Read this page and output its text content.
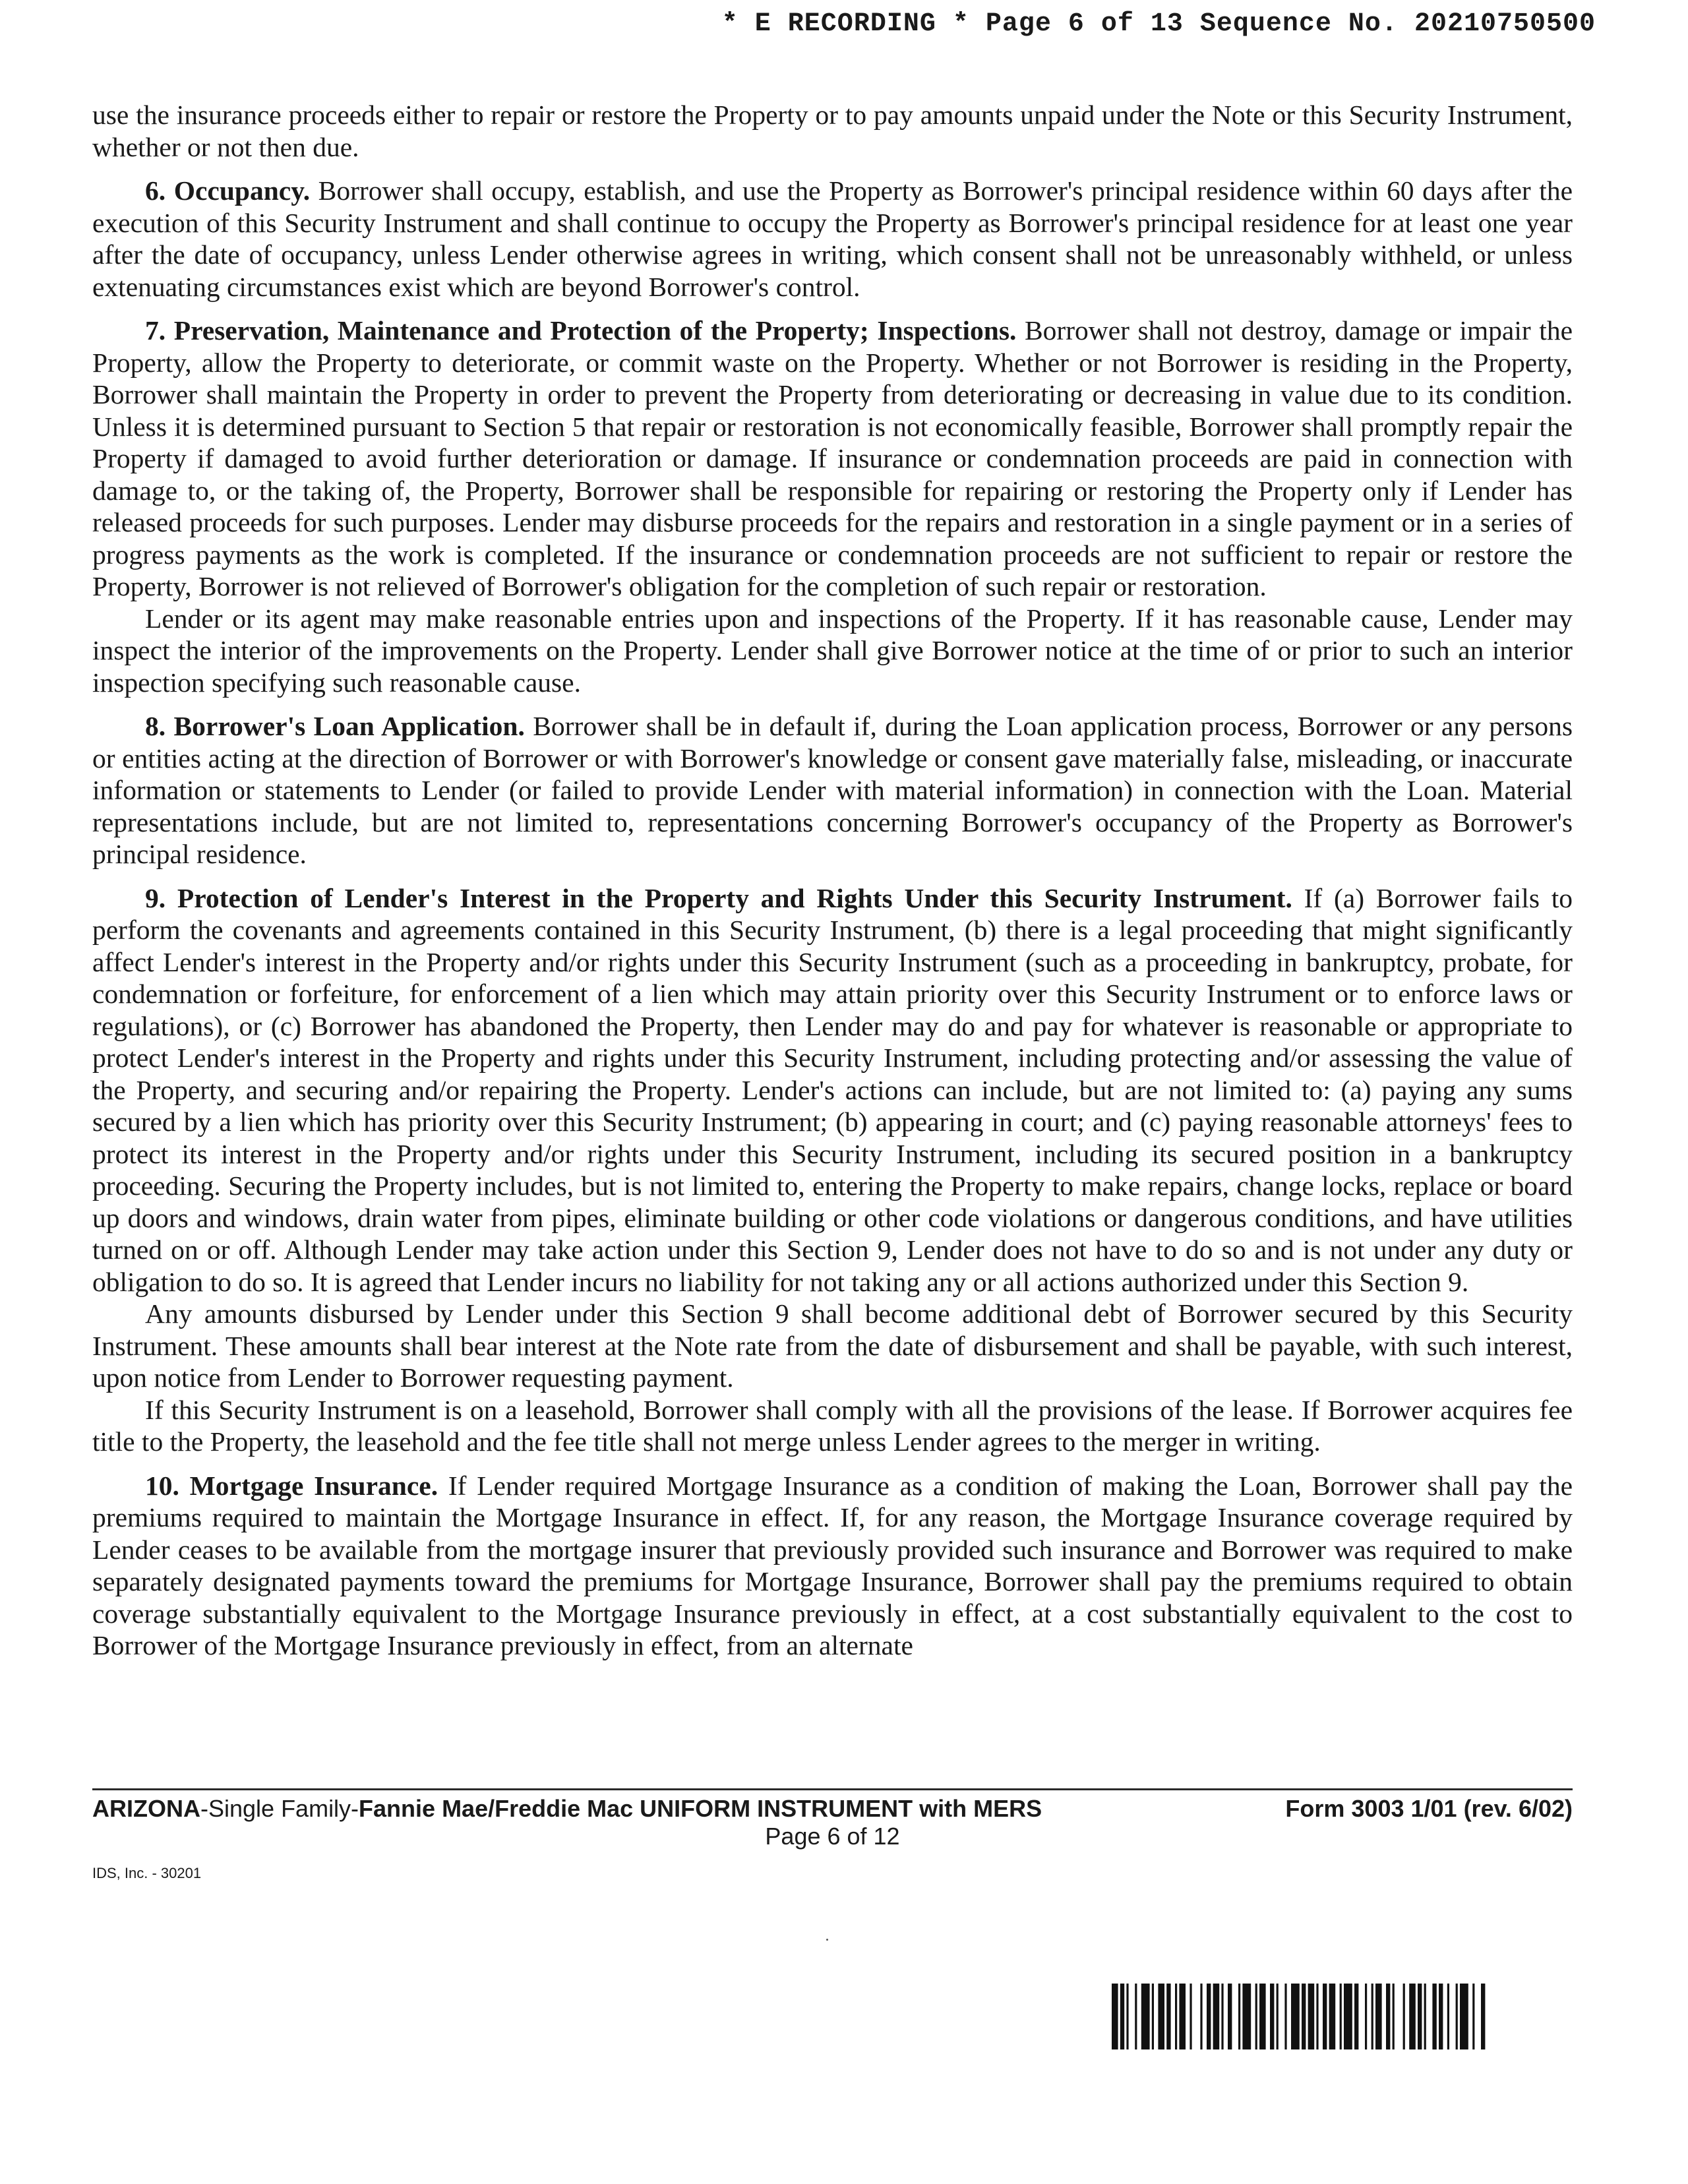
* E RECORDING * Page 6 of 13 Sequence No. 20210750500

use the insurance proceeds either to repair or restore the Property or to pay amounts unpaid under the Note or this Security Instrument, whether or not then due.

6. Occupancy. Borrower shall occupy, establish, and use the Property as Borrower's principal residence within 60 days after the execution of this Security Instrument and shall continue to occupy the Property as Borrower's principal residence for at least one year after the date of occupancy, unless Lender otherwise agrees in writing, which consent shall not be unreasonably withheld, or unless extenuating circumstances exist which are beyond Borrower's control.

7. Preservation, Maintenance and Protection of the Property; Inspections. Borrower shall not destroy, damage or impair the Property, allow the Property to deteriorate, or commit waste on the Property. Whether or not Borrower is residing in the Property, Borrower shall maintain the Property in order to prevent the Property from deteriorating or decreasing in value due to its condition. Unless it is determined pursuant to Section 5 that repair or restoration is not economically feasible, Borrower shall promptly repair the Property if damaged to avoid further deterioration or damage. If insurance or condemnation proceeds are paid in connection with damage to, or the taking of, the Property, Borrower shall be responsible for repairing or restoring the Property only if Lender has released proceeds for such purposes. Lender may disburse proceeds for the repairs and restoration in a single payment or in a series of progress payments as the work is completed. If the insurance or condemnation proceeds are not sufficient to repair or restore the Property, Borrower is not relieved of Borrower's obligation for the completion of such repair or restoration.

Lender or its agent may make reasonable entries upon and inspections of the Property. If it has reasonable cause, Lender may inspect the interior of the improvements on the Property. Lender shall give Borrower notice at the time of or prior to such an interior inspection specifying such reasonable cause.

8. Borrower's Loan Application. Borrower shall be in default if, during the Loan application process, Borrower or any persons or entities acting at the direction of Borrower or with Borrower's knowledge or consent gave materially false, misleading, or inaccurate information or statements to Lender (or failed to provide Lender with material information) in connection with the Loan. Material representations include, but are not limited to, representations concerning Borrower's occupancy of the Property as Borrower's principal residence.

9. Protection of Lender's Interest in the Property and Rights Under this Security Instrument. If (a) Borrower fails to perform the covenants and agreements contained in this Security Instrument, (b) there is a legal proceeding that might significantly affect Lender's interest in the Property and/or rights under this Security Instrument (such as a proceeding in bankruptcy, probate, for condemnation or forfeiture, for enforcement of a lien which may attain priority over this Security Instrument or to enforce laws or regulations), or (c) Borrower has abandoned the Property, then Lender may do and pay for whatever is reasonable or appropriate to protect Lender's interest in the Property and rights under this Security Instrument, including protecting and/or assessing the value of the Property, and securing and/or repairing the Property. Lender's actions can include, but are not limited to: (a) paying any sums secured by a lien which has priority over this Security Instrument; (b) appearing in court; and (c) paying reasonable attorneys' fees to protect its interest in the Property and/or rights under this Security Instrument, including its secured position in a bankruptcy proceeding. Securing the Property includes, but is not limited to, entering the Property to make repairs, change locks, replace or board up doors and windows, drain water from pipes, eliminate building or other code violations or dangerous conditions, and have utilities turned on or off. Although Lender may take action under this Section 9, Lender does not have to do so and is not under any duty or obligation to do so. It is agreed that Lender incurs no liability for not taking any or all actions authorized under this Section 9.

Any amounts disbursed by Lender under this Section 9 shall become additional debt of Borrower secured by this Security Instrument. These amounts shall bear interest at the Note rate from the date of disbursement and shall be payable, with such interest, upon notice from Lender to Borrower requesting payment.

If this Security Instrument is on a leasehold, Borrower shall comply with all the provisions of the lease. If Borrower acquires fee title to the Property, the leasehold and the fee title shall not merge unless Lender agrees to the merger in writing.

10. Mortgage Insurance. If Lender required Mortgage Insurance as a condition of making the Loan, Borrower shall pay the premiums required to maintain the Mortgage Insurance in effect. If, for any reason, the Mortgage Insurance coverage required by Lender ceases to be available from the mortgage insurer that previously provided such insurance and Borrower was required to make separately designated payments toward the premiums for Mortgage Insurance, Borrower shall pay the premiums required to obtain coverage substantially equivalent to the Mortgage Insurance previously in effect, at a cost substantially equivalent to the cost to Borrower of the Mortgage Insurance previously in effect, from an alternate

ARIZONA-Single Family-Fannie Mae/Freddie Mac UNIFORM INSTRUMENT with MERS	Form 3003 1/01 (rev. 6/02)
Page 6 of 12
IDS, Inc. - 30201
